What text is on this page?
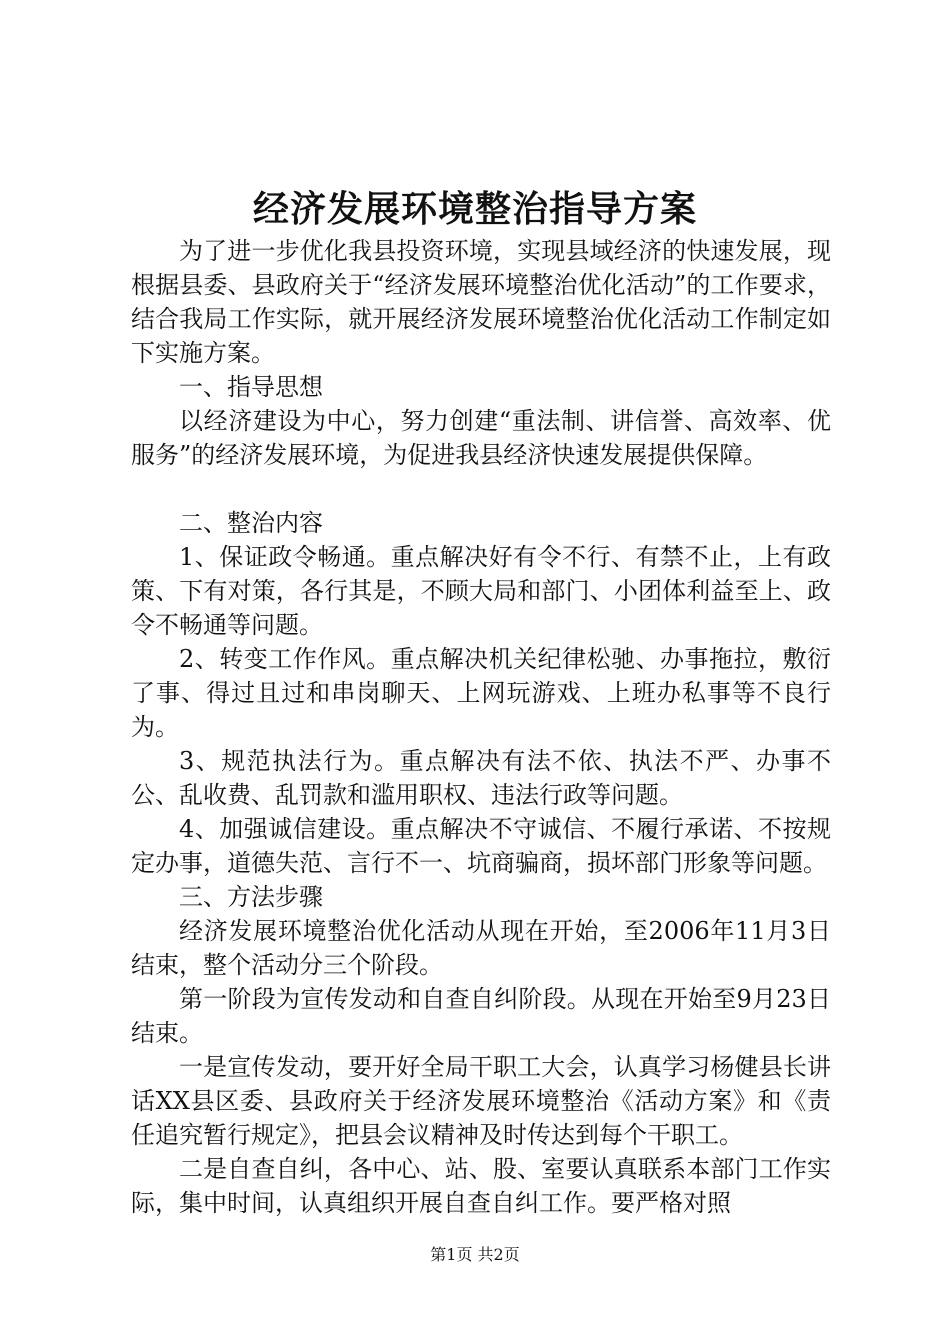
经济发展环境整治指导方案

为了进一步优化我县投资环境，实现县域经济的快速发展，现根据县委、县政府关于“经济发展环境整治优化活动”的工作要求，结合我局工作实际，就开展经济发展环境整治优化活动工作制定如下实施方案。

一、指导思想

以经济建设为中心，努力创建“重法制、讲信誉、高效率、优服务”的经济发展环境，为促进我县经济快速发展提供保障。

二、整治内容

1、保证政令畅通。重点解决好有令不行、有禁不止，上有政策、下有对策，各行其是，不顾大局和部门、小团体利益至上、政令不畅通等问题。

2、转变工作作风。重点解决机关纪律松驰、办事拖拉，敷衍了事、得过且过和串岗聊天、上网玩游戏、上班办私事等不良行为。

3、规范执法行为。重点解决有法不依、执法不严、办事不公、乱收费、乱罚款和滥用职权、违法行政等问题。

4、加强诚信建设。重点解决不守诚信、不履行承诺、不按规定办事，道德失范、言行不一、坑商骗商，损坏部门形象等问题。

三、方法步骤

经济发展环境整治优化活动从现在开始，至2006年11月3日结束，整个活动分三个阶段。

第一阶段为宣传发动和自查自纠阶段。从现在开始至9月23日结束。

一是宣传发动，要开好全局干职工大会，认真学习杨健县长讲话XX县区委、县政府关于经济发展环境整治《活动方案》和《责任追究暂行规定》，把县会议精神及时传达到每个干职工。

二是自查自纠，各中心、站、股、室要认真联系本部门工作实际，集中时间，认真组织开展自查自纠工作。要严格对照

第1页 共2页
